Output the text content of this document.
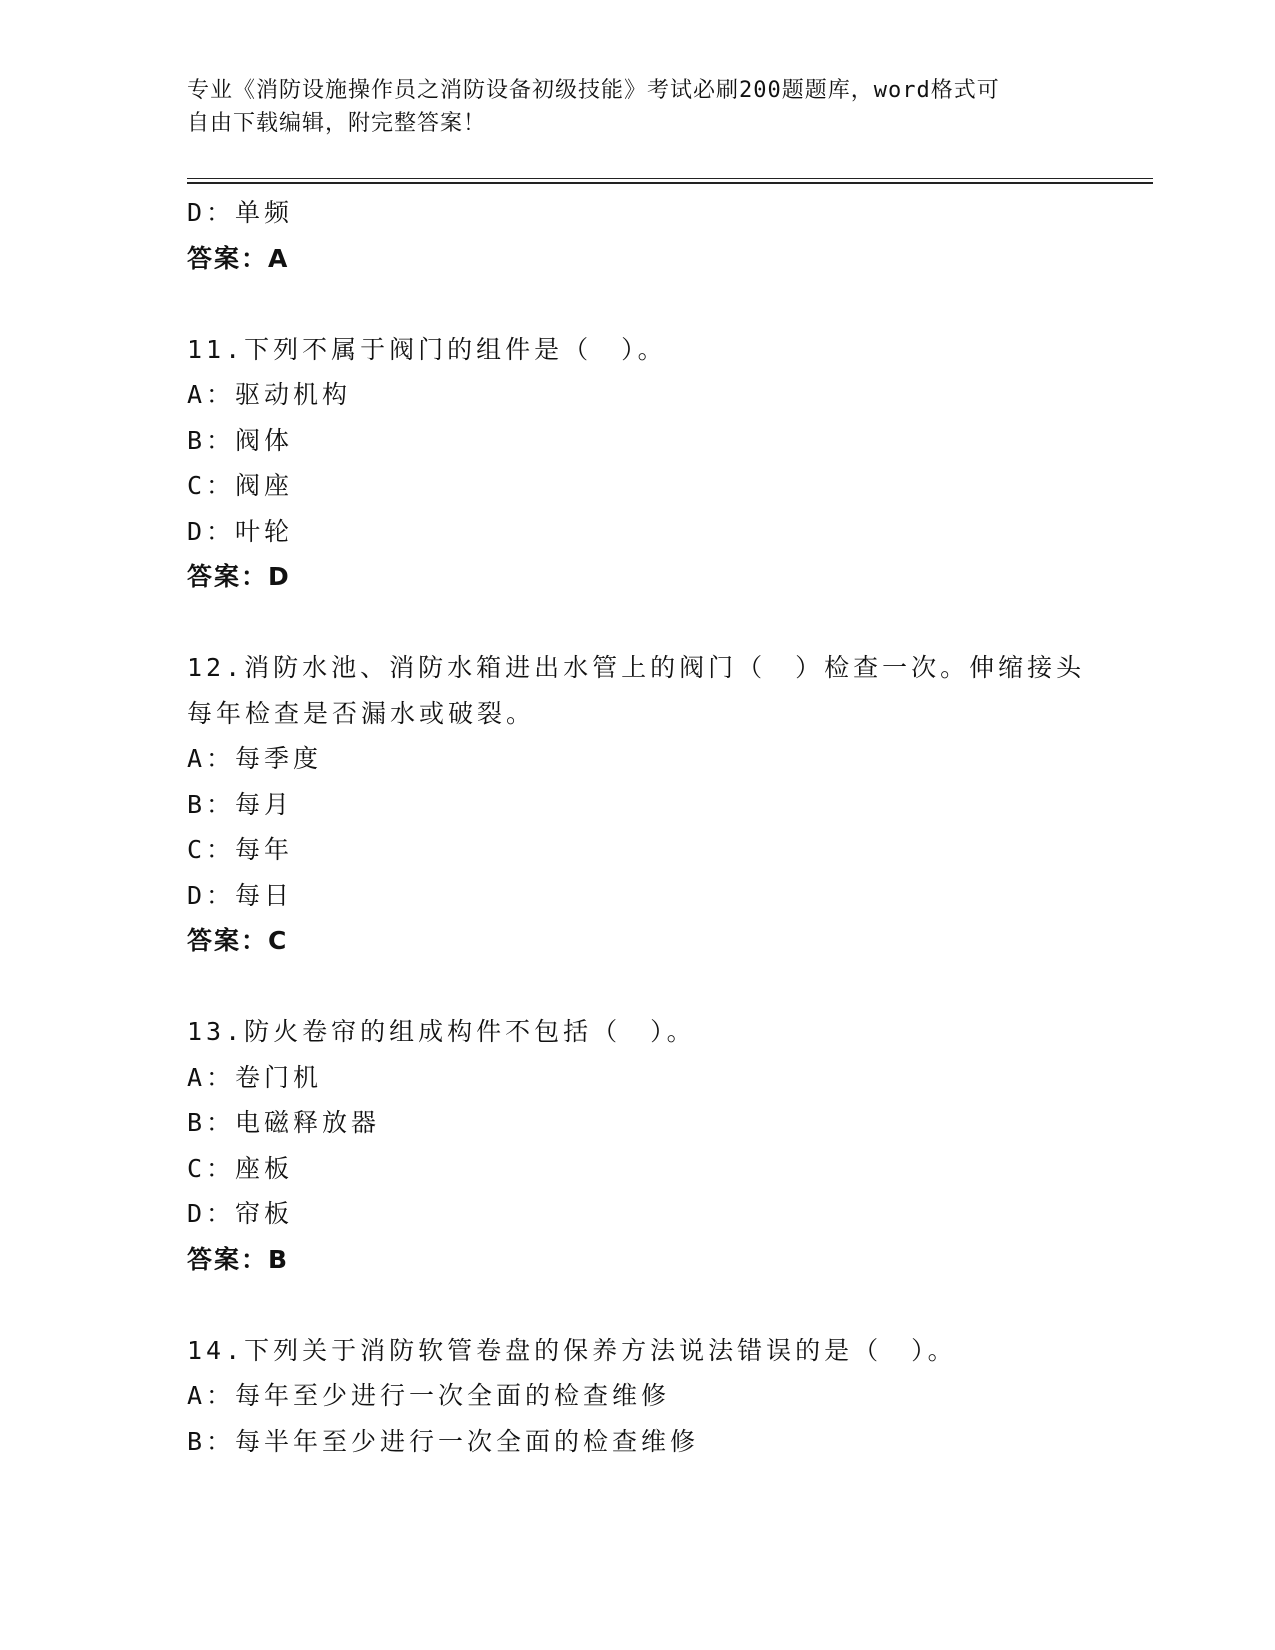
专业《消防设施操作员之消防设备初级技能》考试必刷200题题库，word格式可
自由下载编辑，附完整答案！
D：单频
答案：A
11.下列不属于阀门的组件是（　）。
A：驱动机构
B：阀体
C：阀座
D：叶轮
答案：D
12.消防水池、消防水箱进出水管上的阀门（　）检查一次。伸缩接头
每年检查是否漏水或破裂。
A：每季度
B：每月
C：每年
D：每日
答案：C
13.防火卷帘的组成构件不包括（　）。
A：卷门机
B：电磁释放器
C：座板
D：帘板
答案：B
14.下列关于消防软管卷盘的保养方法说法错误的是（　）。
A：每年至少进行一次全面的检查维修
B：每半年至少进行一次全面的检查维修
